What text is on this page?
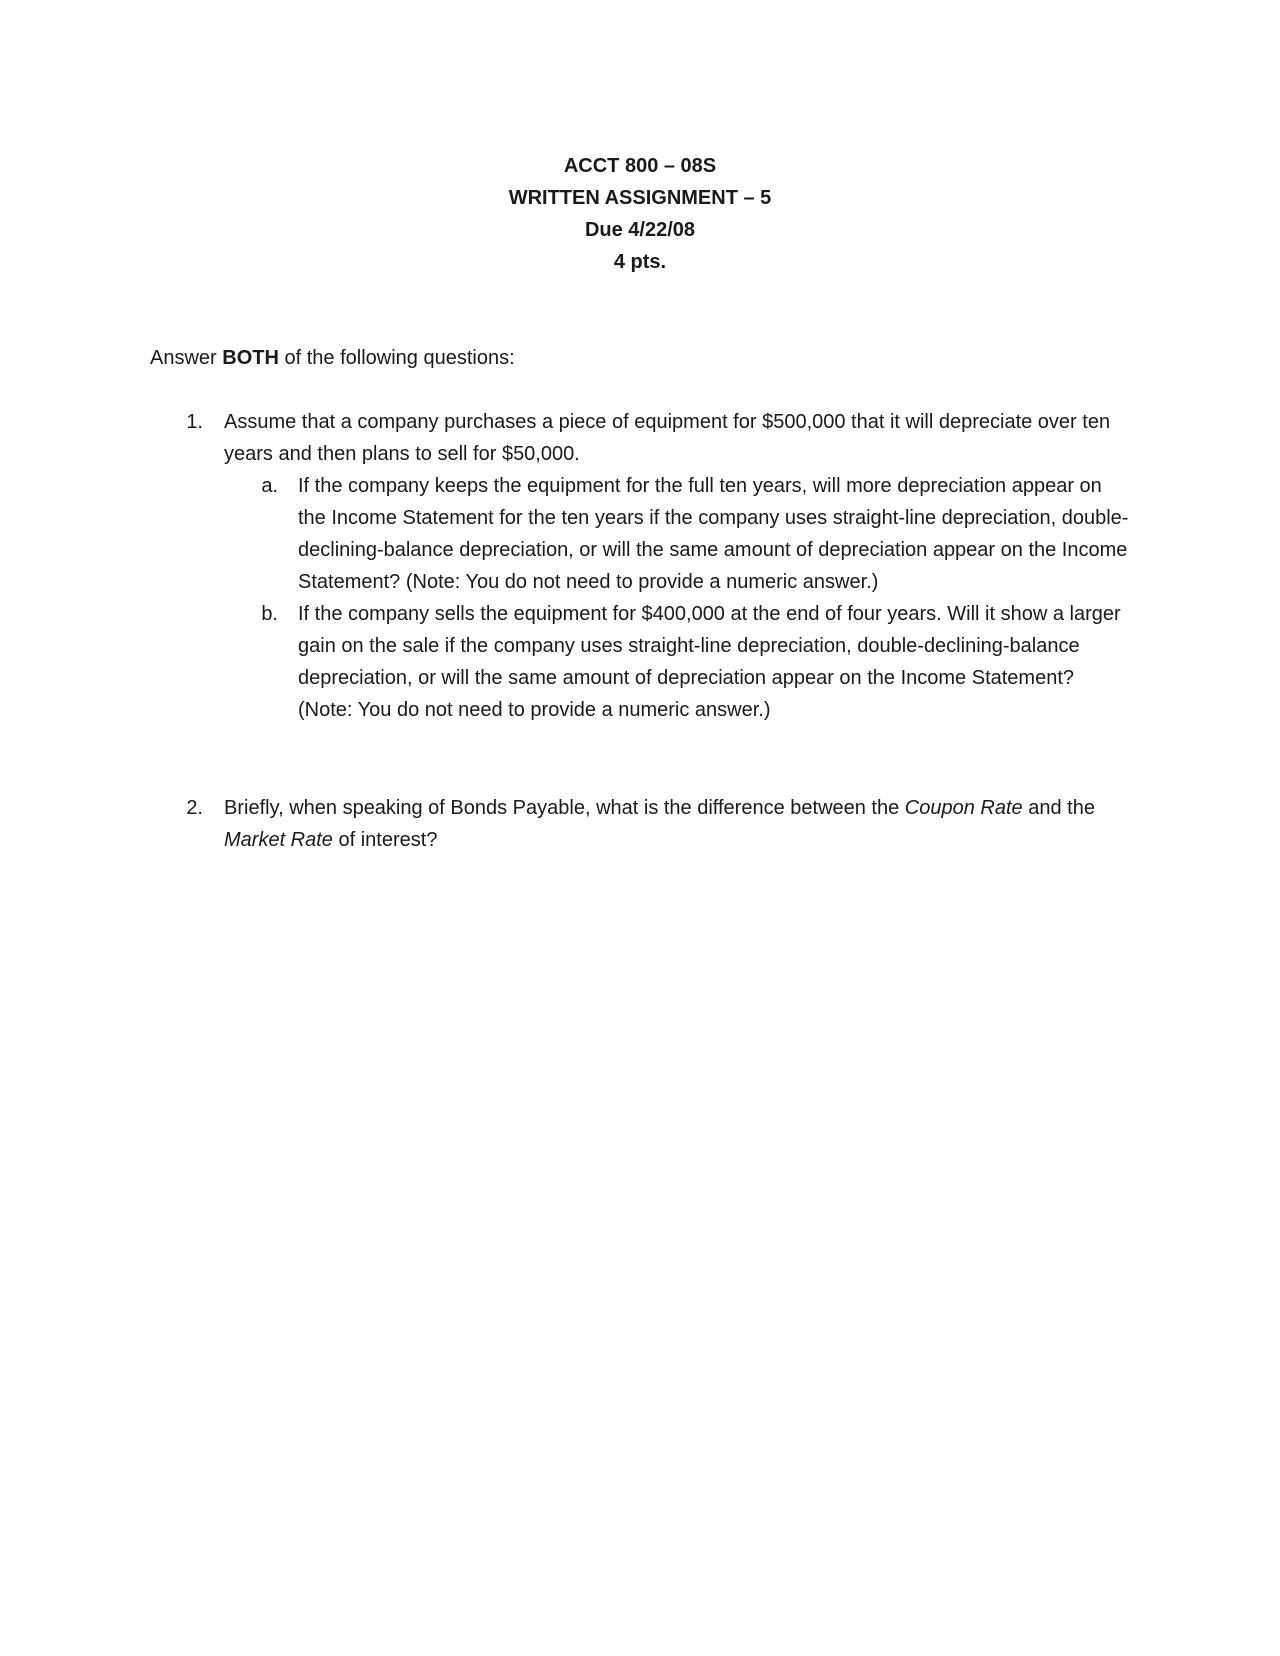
ACCT 800 – 08S
WRITTEN ASSIGNMENT – 5
Due 4/22/08
4 pts.
Answer BOTH of the following questions:
1. Assume that a company purchases a piece of equipment for $500,000 that it will depreciate over ten years and then plans to sell for $50,000.
a. If the company keeps the equipment for the full ten years, will more depreciation appear on the Income Statement for the ten years if the company uses straight-line depreciation, double-declining-balance depreciation, or will the same amount of depreciation appear on the Income Statement? (Note: You do not need to provide a numeric answer.)
b. If the company sells the equipment for $400,000 at the end of four years. Will it show a larger gain on the sale if the company uses straight-line depreciation, double-declining-balance depreciation, or will the same amount of depreciation appear on the Income Statement? (Note: You do not need to provide a numeric answer.)
2. Briefly, when speaking of Bonds Payable, what is the difference between the Coupon Rate and the Market Rate of interest?
